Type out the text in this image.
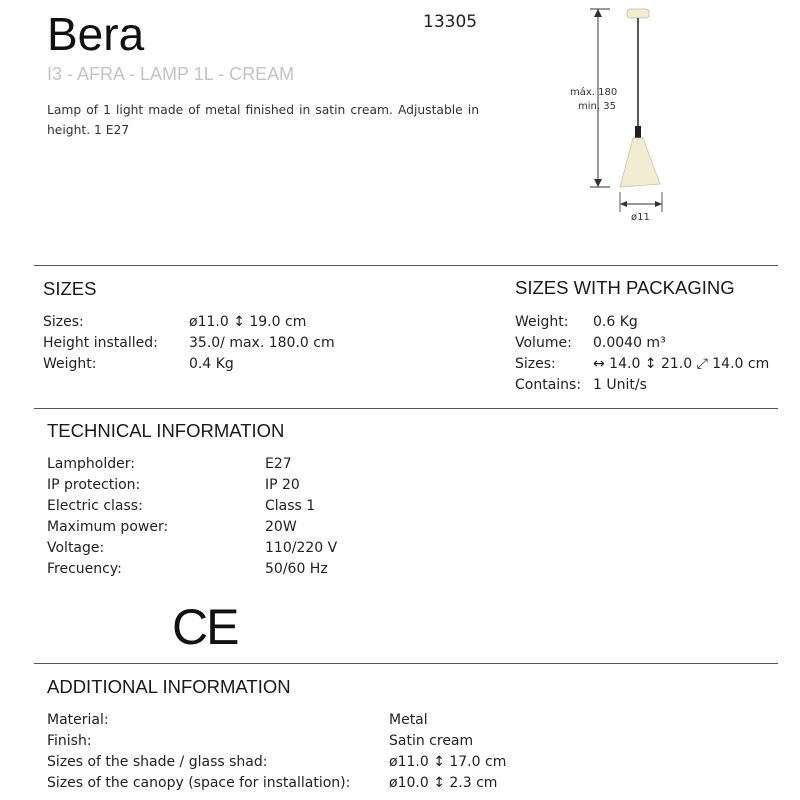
Bera	13305
I3 - AFRA - LAMP 1L - CREAM
Lamp of 1 light made of metal finished in satin cream. Adjustable in height. 1 E27
máx. 180
min. 35
ø11
SIZES
Sizes:	ø11.0 ↕ 19.0 cm
Height installed: 35.0/ max. 180.0 cm
Weight:	0.4 Kg
SIZES WITH PACKAGING
Weight: 0.6 Kg
Volume: 0.0040 m³
Sizes:	↔ 14.0 ↕ 21.0 ⤢ 14.0 cm
Contains: 1 Unit/s
TECHNICAL INFORMATION
Lampholder:	E27
IP protection:	IP 20
Electric class:	Class 1
Maximum power:	20W
Voltage:	110/220 V
Frecuency:	50/60 Hz
CE
ADDITIONAL INFORMATION
Material:	Metal
Finish:	Satin cream
Sizes of the shade / glass shad:	ø11.0 ↕ 17.0 cm
Sizes of the canopy (space for installation):	ø10.0 ↕ 2.3 cm
